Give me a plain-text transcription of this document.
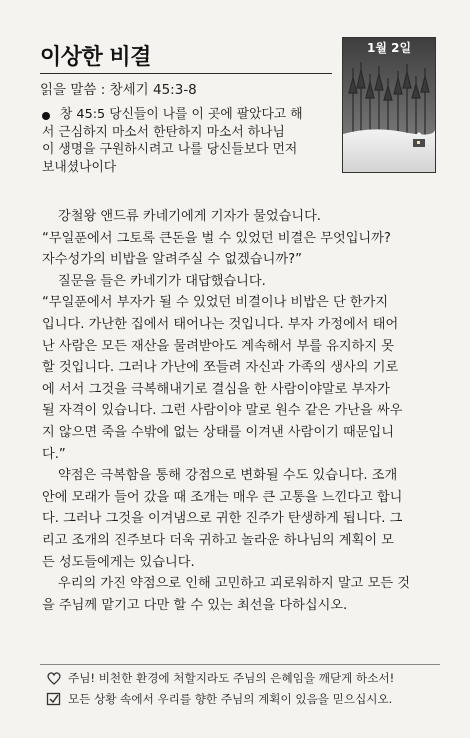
이상한 비결
읽을 말씀 : 창세기 45:3-8
1월 2일
창 45:5 당신들이 나를 이 곳에 팔았다고 해
서 근심하지 마소서 한탄하지 마소서 하나님
이 생명을 구원하시려고 나를 당신들보다 먼저
보내셨나이다
강철왕 앤드류 카네기에게 기자가 물었습니다.
“무일푼에서 그토록 큰돈을 벌 수 있었던 비결은 무엇입니까?
자수성가의 비밥을 알려주실 수 없겠습니까?”
질문을 들은 카네기가 대답했습니다.
“무일푼에서 부자가 될 수 있었던 비결이나 비밥은 단 한가지
입니다. 가난한 집에서 태어나는 것입니다. 부자 가정에서 태어
난 사람은 모든 재산을 물려받아도 계속해서 부를 유지하지 못
할 것입니다. 그러나 가난에 쪼들려 자신과 가족의 생사의 기로
에 서서 그것을 극복해내기로 결심을 한 사람이야말로 부자가
될 자격이 있습니다. 그런 사람이야 말로 원수 같은 가난을 싸우
지 않으면 죽을 수밖에 없는 상태를 이겨낸 사람이기 때문입니
다.”
약점은 극복함을 통해 강점으로 변화될 수도 있습니다. 조개
안에 모래가 들어 갔을 때 조개는 매우 큰 고통을 느낀다고 합니
다. 그러나 그것을 이겨냄으로 귀한 진주가 탄생하게 됩니다. 그
리고 조개의 진주보다 더욱 귀하고 놀라운 하나님의 계획이 모
든 성도들에게는 있습니다.
우리의 가진 약점으로 인해 고민하고 괴로워하지 말고 모든 것
을 주님께 맡기고 다만 할 수 있는 최선을 다하십시오.
주님! 비천한 환경에 처할지라도 주님의 은혜임을 깨닫게 하소서!
모든 상황 속에서 우리를 향한 주님의 계획이 있음을 믿으십시오.
